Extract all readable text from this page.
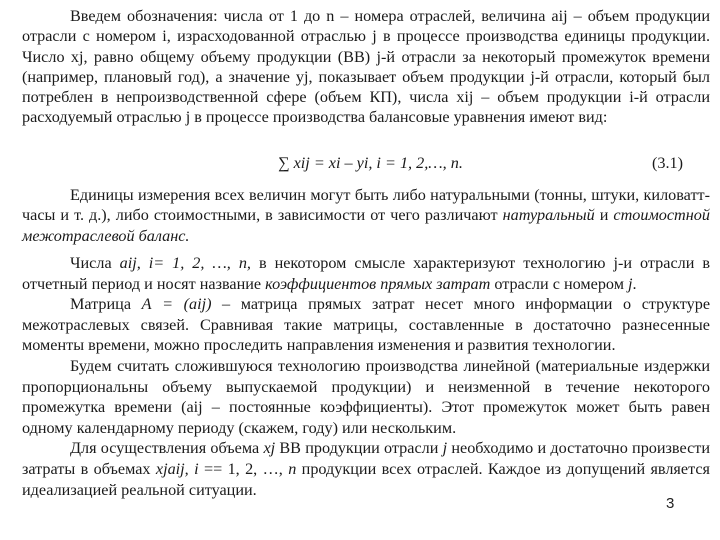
Введем обозначения: числа от 1 до n – номера отраслей, величина aij – объем продукции отрасли с номером i, израсходованной отраслью j в процессе производства единицы продукции. Число xj, равно общему объему продукции (ВВ) j-й отрасли за некоторый промежуток времени (например, плановый год), а значение yj, показывает объем продукции j-й отрасли, который был потреблен в непроизводственной сфере (объем КП), числа xij – объем продукции i-й отрасли расходуемый отраслью j в процессе производства балансовые уравнения имеют вид:

∑ xij = xi – yi, i = 1, 2,…, n.	(3.1)

Единицы измерения всех величин могут быть либо натуральными (тонны, штуки, киловатт-часы и т. д.), либо стоимостными, в зависимости от чего различают натуральный и стоимостной межотраслевой баланс.

Числа aij, i= 1, 2, …, n, в некотором смысле характеризуют технологию j-и отрасли в отчетный период и носят название коэффициентов прямых затрат отрасли с номером j.
Матрица А = (aij) – матрица прямых затрат несет много информации о структуре межотраслевых связей. Сравнивая такие матрицы, составленные в достаточно разнесенные моменты времени, можно проследить направления изменения и развития технологии.
Будем считать сложившуюся технологию производства линейной (материальные издержки пропорциональны объему выпускаемой продукции) и неизменной в течение некоторого промежутка времени (aij – постоянные коэффициенты). Этот промежуток может быть равен одному календарному периоду (скажем, году) или нескольким.
Для осуществления объема xj ВВ продукции отрасли j необходимо и достаточно произвести затраты в объемах xjaij, i == 1, 2, …, n продукции всех отраслей. Каждое из допущений является идеализацией реальной ситуации.
3
